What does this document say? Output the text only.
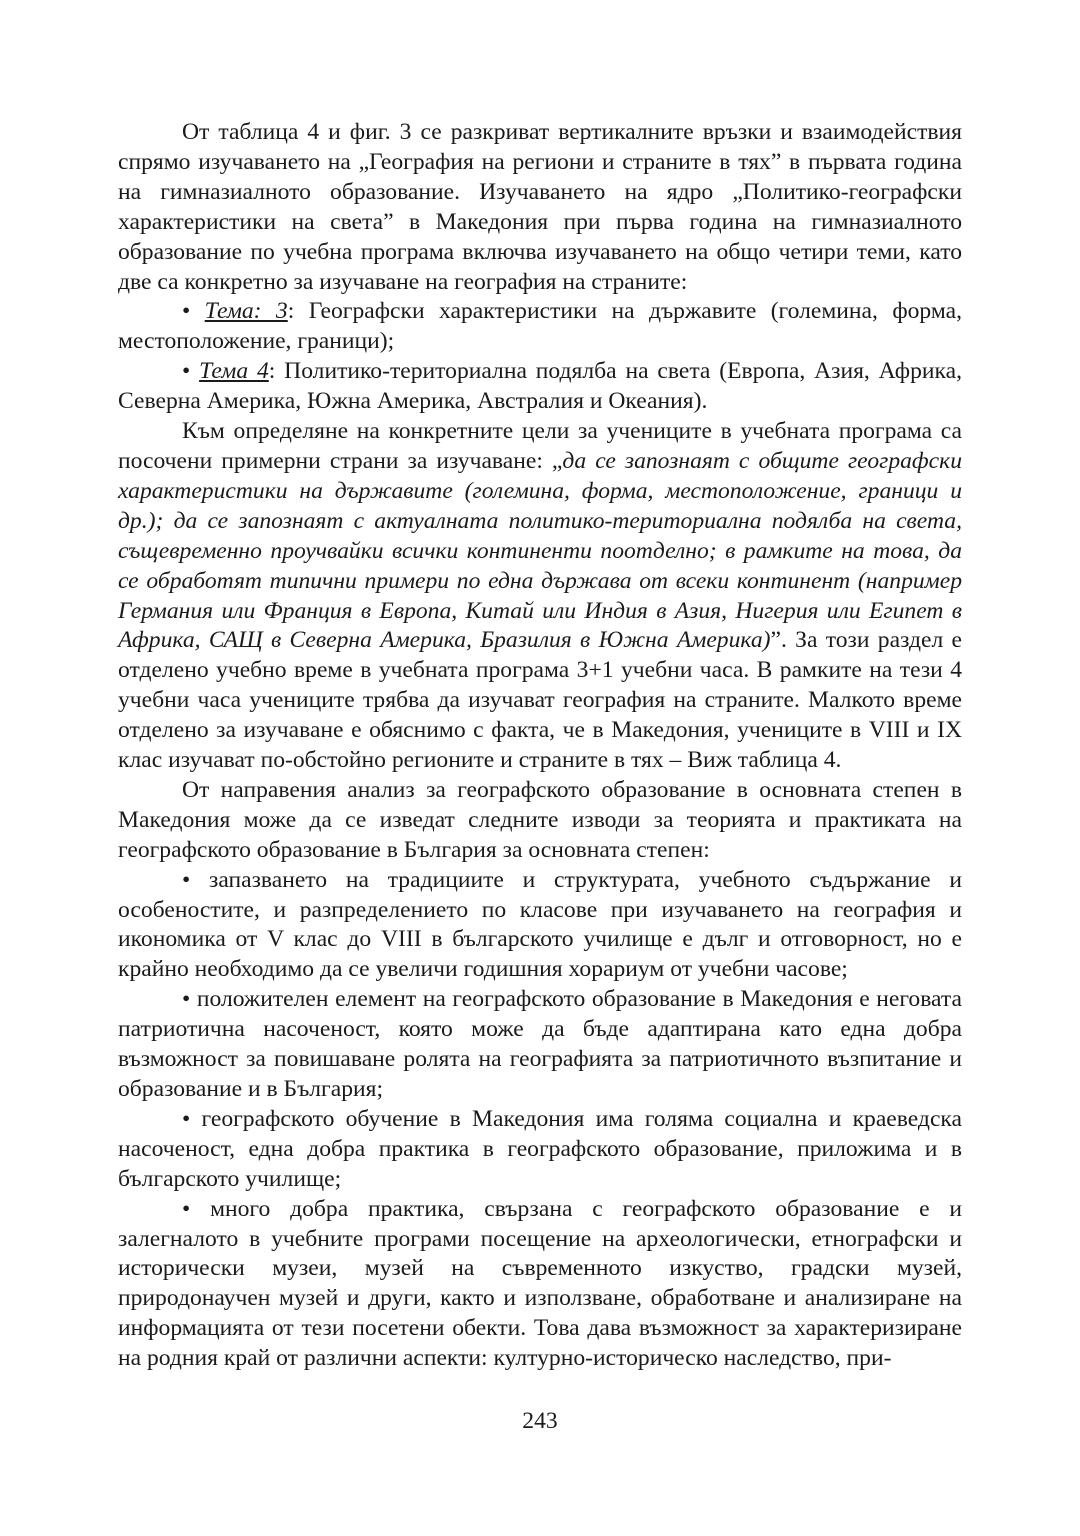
От таблица 4 и фиг. 3 се разкриват вертикалните връзки и взаимодействия спрямо изучаването на „География на региони и страните в тях” в първата година на гимназиалното образование. Изучаването на ядро „Политико-географски характеристики на света” в Македония при първа година на гимназиалното образование по учебна програма включва изучаването на общо четири теми, като две са конкретно за изучаване на география на страните:

• Тема: 3: Географски характеристики на държавите (големина, форма, местоположение, граници);

• Тема 4: Политико-териториална подялба на света (Европа, Азия, Африка, Северна Америка, Южна Америка, Австралия и Океания).

Към определяне на конкретните цели за учениците в учебната програма са посочени примерни страни за изучаване: „да се запознаят с общите географски характеристики на държавите (големина, форма, местоположение, граници и др.); да се запознаят с актуалната политико-териториална подялба на света, същевременно проучвайки всички континенти поотделно; в рамките на това, да се обработят типични примери по една държава от всеки континент (например Германия или Франция в Европа, Китай или Индия в Азия, Нигерия или Египет в Африка, САЩ в Северна Америка, Бразилия в Южна Америка)”. За този раздел е отделено учебно време в учебната програма 3+1 учебни часа. В рамките на тези 4 учебни часа учениците трябва да изучават география на страните. Малкото време отделено за изучаване е обяснимо с факта, че в Македония, учениците в VIII и IX клас изучават по-обстойно регионите и страните в тях – Виж таблица 4.

От направения анализ за географското образование в основната степен в Македония може да се изведат следните изводи за теорията и практиката на географското образование в България за основната степен:

• запазването на традициите и структурата, учебното съдържание и особеностите, и разпределението по класове при изучаването на география и икономика от V клас до VIII в българското училище е дълг и отговорност, но е крайно необходимо да се увеличи годишния хорариум от учебни часове;

• положителен елемент на географското образование в Македония е неговата патриотична насоченост, която може да бъде адаптирана като една добра възможност за повишаване ролята на географията за патриотичното възпитание и образование и в България;

• географското обучение в Македония има голяма социална и краеведска насоченост, една добра практика в географското образование, приложима и в българското училище;

• много добра практика, свързана с географското образование е и залегналото в учебните програми посещение на археологически, етнографски и исторически музеи, музей на съвременното изкуство, градски музей, природонаучен музей и други, както и използване, обработване и анализиране на информацията от тези посетени обекти. Това дава възможност за характеризиране на родния край от различни аспекти: културно-историческо наследство, при-

243
